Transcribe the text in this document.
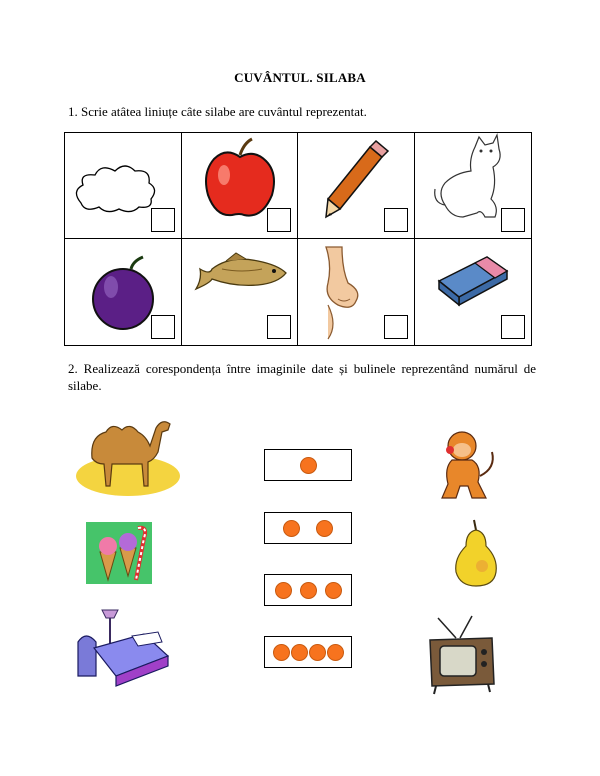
CUVÂNTUL. SILABA
1. Scrie atâtea liniuțe câte silabe are cuvântul reprezentat.
2. Realizează corespondența între imaginile date și bulinele reprezentând numărul de silabe.
